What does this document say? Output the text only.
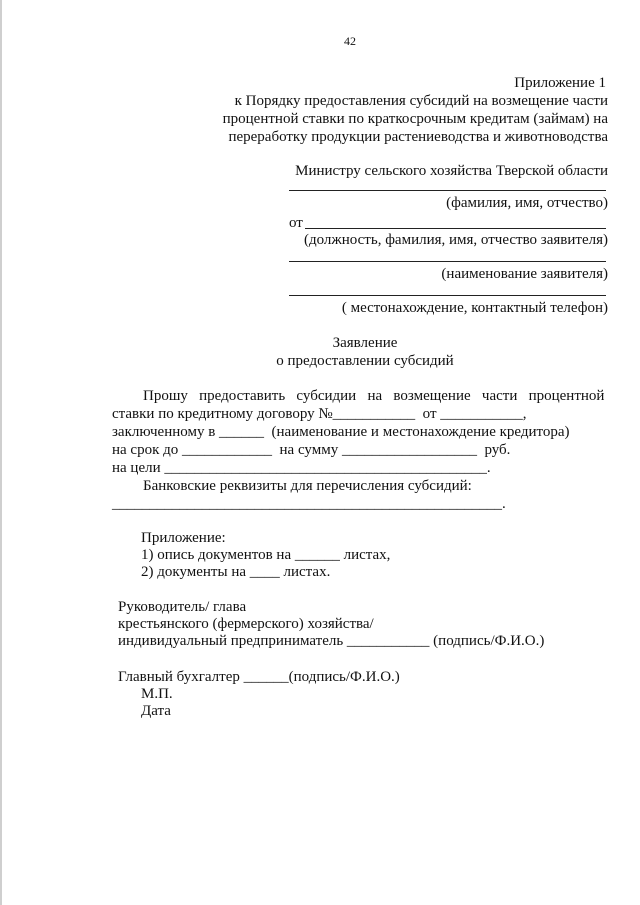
42
Приложение 1
к Порядку предоставления субсидий на возмещение части
процентной ставки по краткосрочным кредитам (займам) на
переработку продукции растениеводства и животноводства
Министру сельского хозяйства Тверской области
(фамилия, имя, отчество)
от
(должность, фамилия, имя, отчество заявителя)
(наименование заявителя)
( местонахождение, контактный телефон)
Заявление
о предоставлении субсидий
Прошу   предоставить   субсидии   на   возмещение   части   процентной
ставки по кредитному договору №___________  от ___________,
заключенному в ______  (наименование и местонахождение кредитора)
на срок до ____________  на сумму __________________  руб.
на цели ___________________________________________.
Банковские реквизиты для перечисления субсидий:
____________________________________________________.
Приложение:
1) опись документов на ______ листах,
2) документы на ____ листах.
Руководитель/ глава
крестьянского (фермерского) хозяйства/
индивидуальный предприниматель ___________ (подпись/Ф.И.О.)
Главный бухгалтер ______(подпись/Ф.И.О.)
М.П.
Дата
